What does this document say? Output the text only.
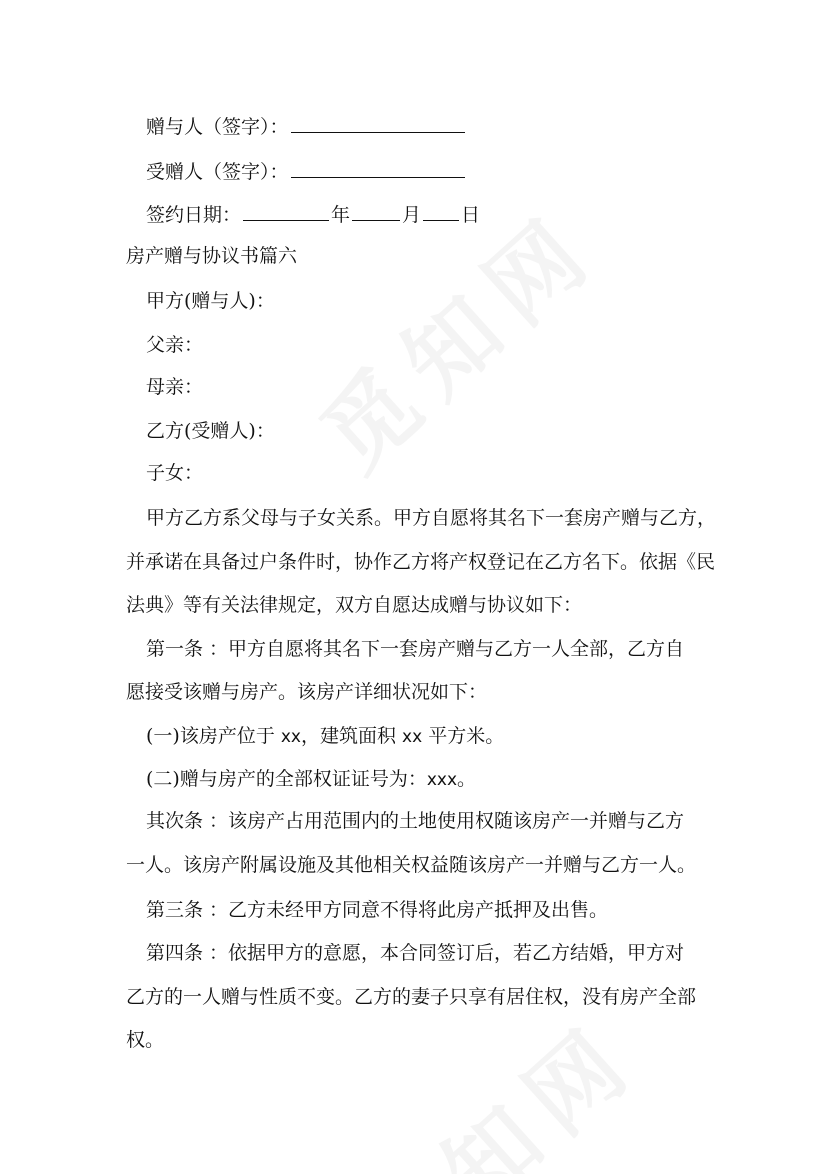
赠与人（签字）：
受赠人（签字）：
签约日期：	年	月 日
房产赠与协议书篇六
甲方(赠与人)：
父亲：
母亲：
乙方(受赠人)：
子女：
甲方乙方系父母与子女关系。甲方自愿将其名下一套房产赠与乙方，
并承诺在具备过户条件时，协作乙方将产权登记在乙方名下。依据《民
法典》等有关法律规定，双方自愿达成赠与协议如下：
第一条 ：甲方自愿将其名下一套房产赠与乙方一人全部，乙方自
愿接受该赠与房产。该房产详细状况如下：
(一)该房产位于 xx，建筑面积 xx 平方米。
(二)赠与房产的全部权证证号为：xxx。
其次条 ：该房产占用范围内的土地使用权随该房产一并赠与乙方
一人。该房产附属设施及其他相关权益随该房产一并赠与乙方一人。
第三条 ：乙方未经甲方同意不得将此房产抵押及出售。
第四条 ：依据甲方的意愿，本合同签订后，若乙方结婚，甲方对
乙方的一人赠与性质不变。乙方的妻子只享有居住权，没有房产全部
权。
